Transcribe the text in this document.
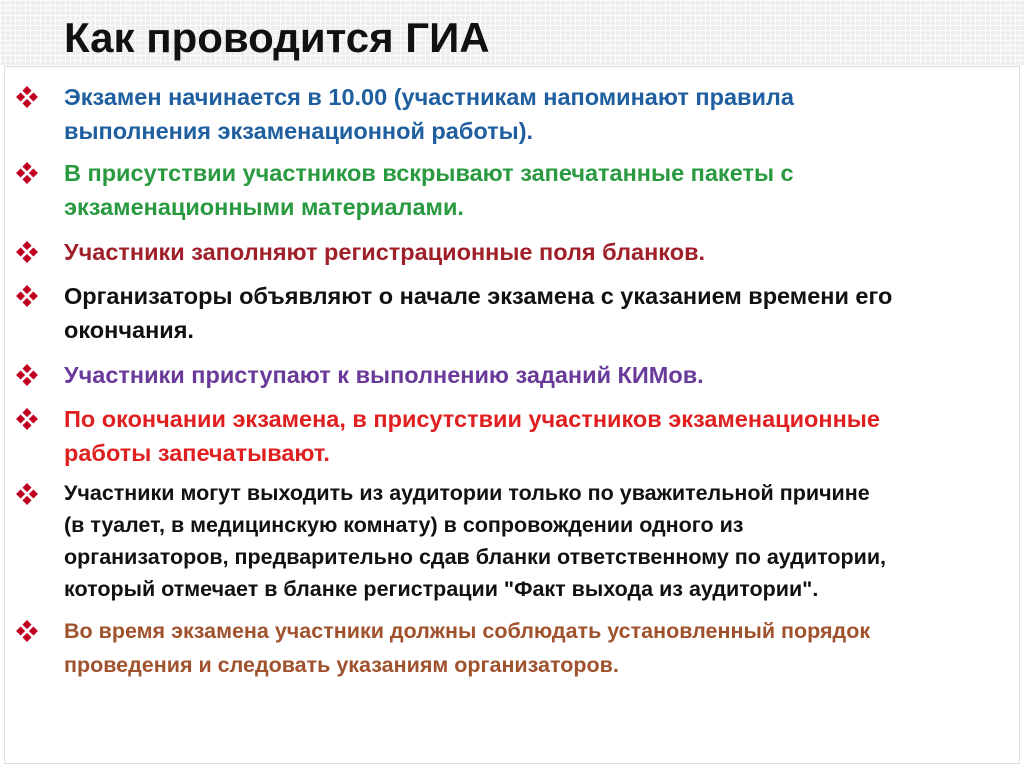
Как проводится ГИА

Экзамен начинается в 10.00 (участникам напоминают правила
выполнения экзаменационной работы).

В присутствии участников вскрывают запечатанные пакеты с
экзаменационными материалами.

Участники заполняют регистрационные поля бланков.

Организаторы объявляют о начале экзамена с указанием времени его
окончания.

Участники приступают к выполнению заданий КИМов.

По окончании экзамена, в присутствии участников экзаменационные
работы запечатывают.

Участники могут выходить из аудитории только по уважительной причине
(в туалет, в медицинскую комнату) в сопровождении одного из
организаторов, предварительно сдав бланки ответственному по аудитории,
который отмечает в бланке регистрации "Факт выхода из аудитории".

Во время экзамена участники должны соблюдать установленный порядок
проведения и следовать указаниям организаторов.
